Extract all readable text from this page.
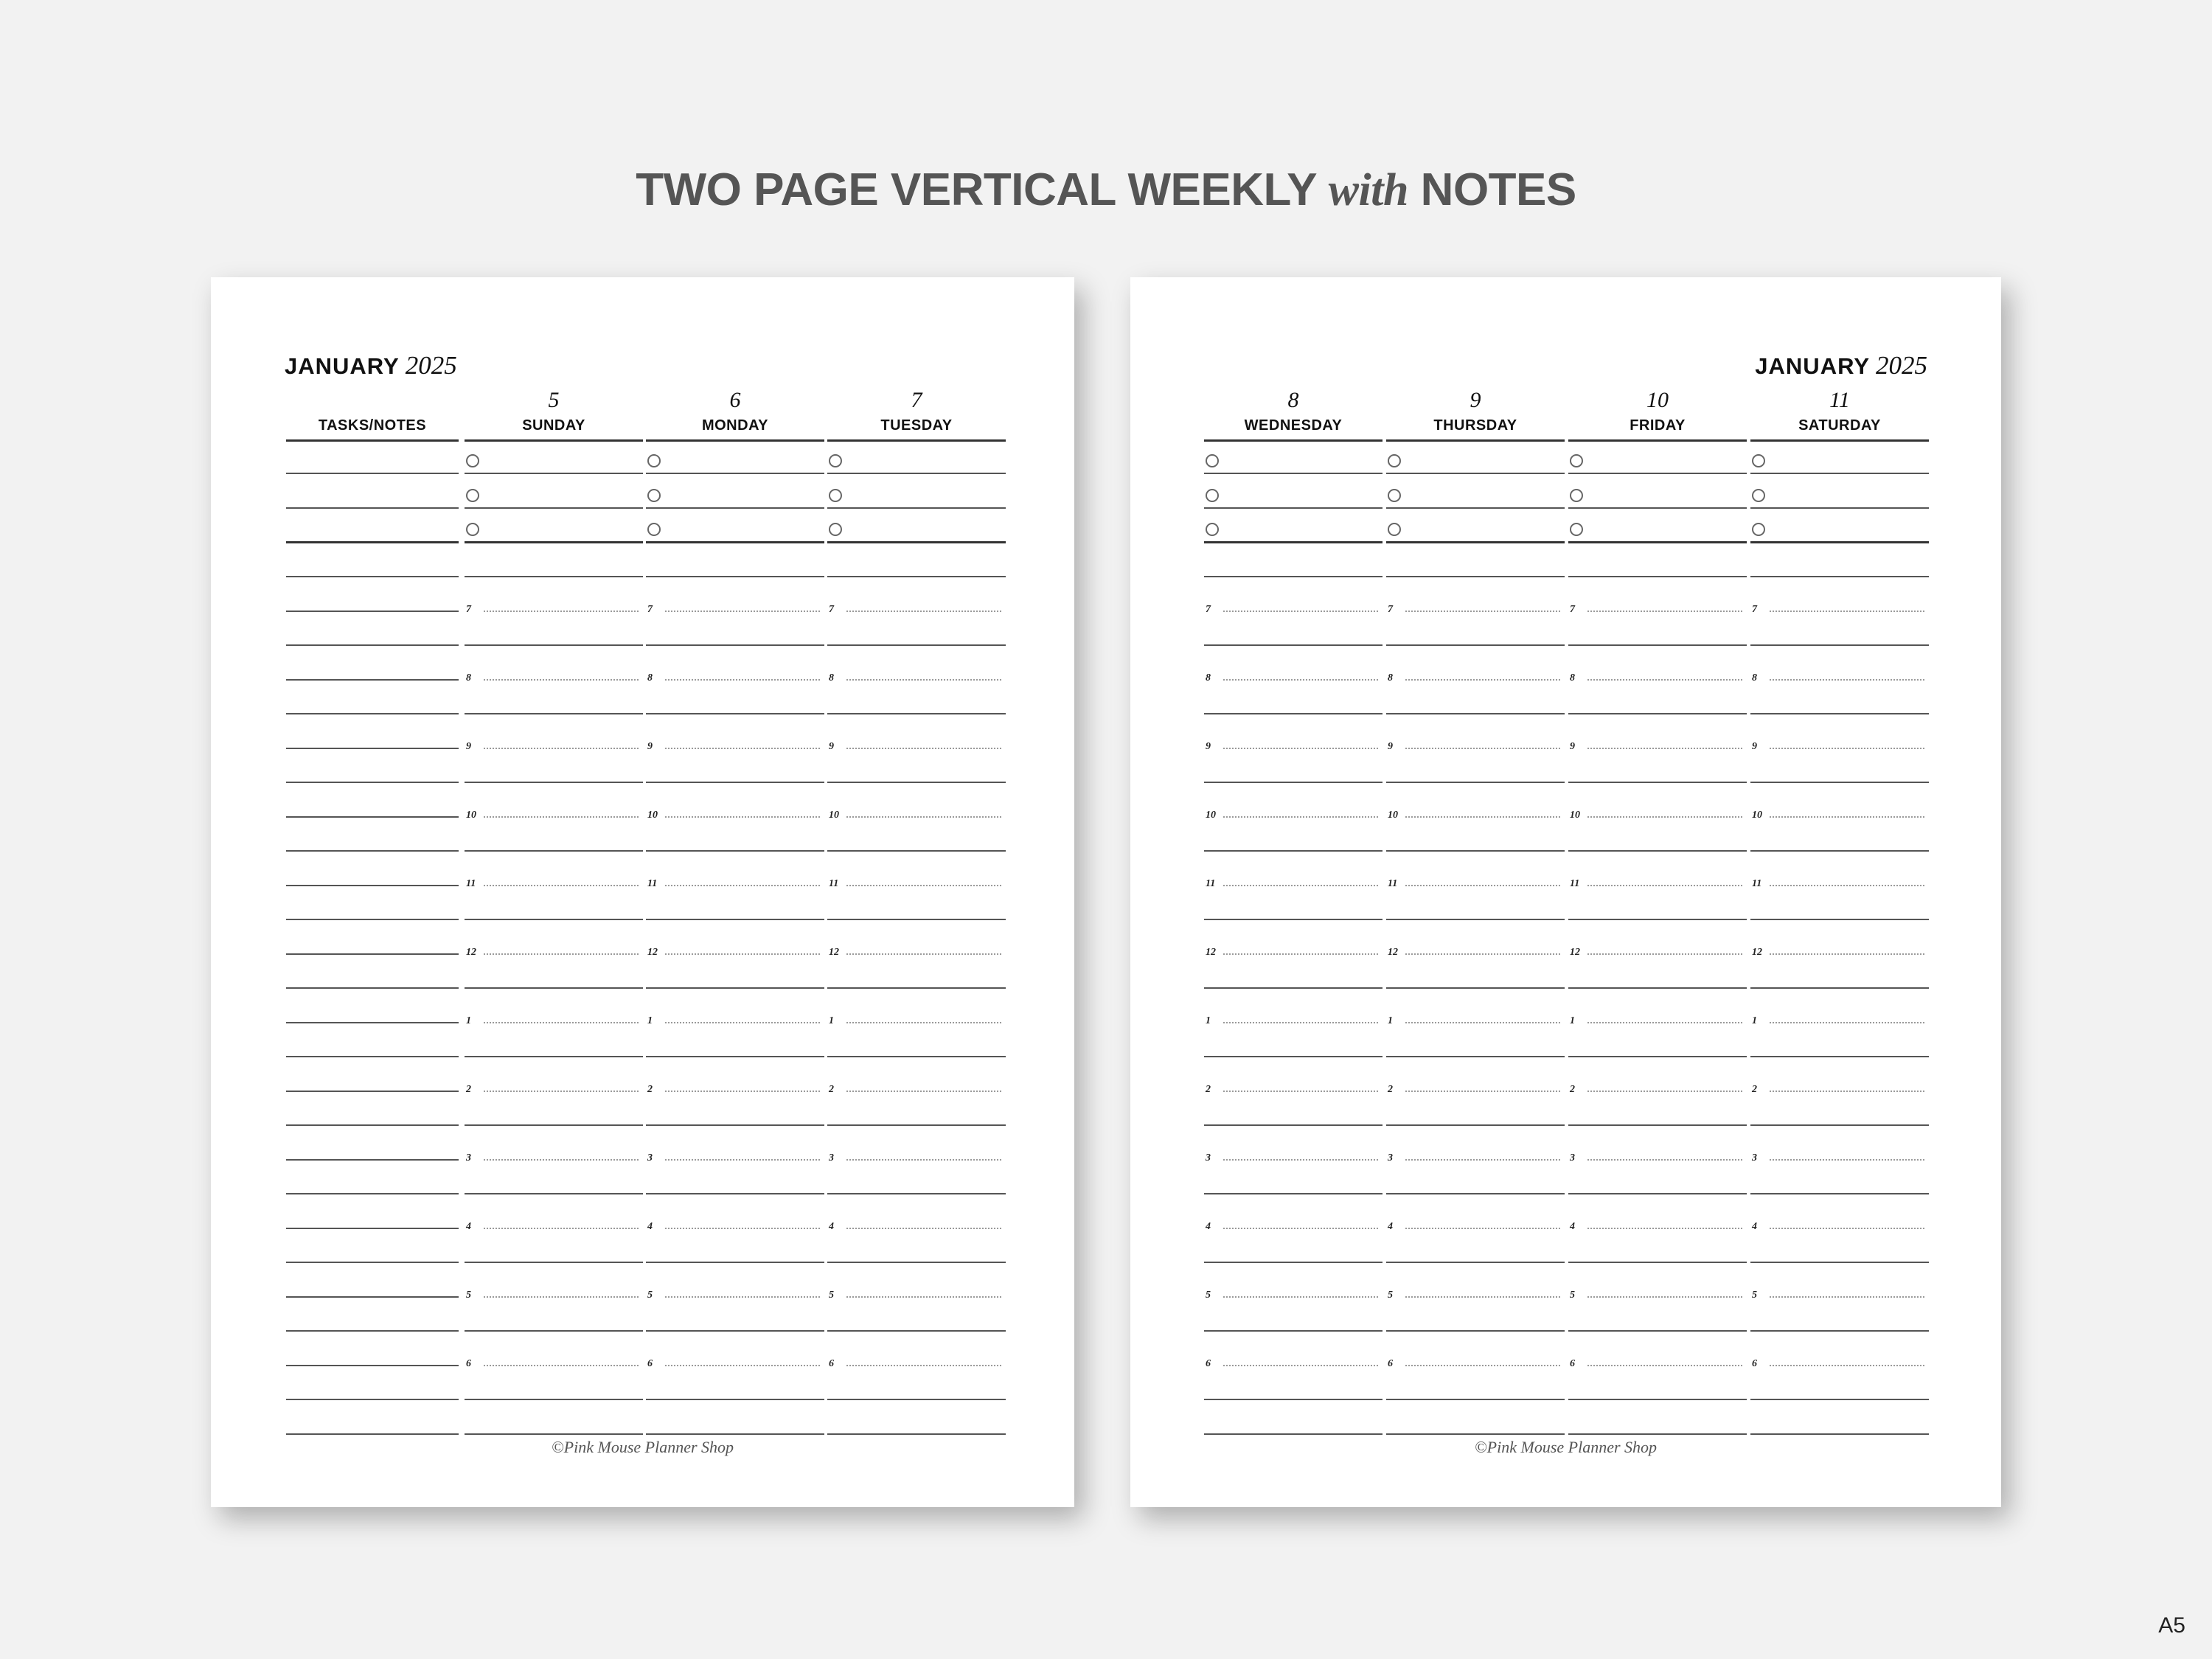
TWO PAGE VERTICAL WEEKLY with NOTES
JANUARY 2025
TASKS/NOTES
5
SUNDAY
7
8
9
10
11
12
1
2
3
4
5
6
6
MONDAY
7
8
9
10
11
12
1
2
3
4
5
6
7
TUESDAY
7
8
9
10
11
12
1
2
3
4
5
6
©Pink Mouse Planner Shop
JANUARY 2025
8
WEDNESDAY
7
8
9
10
11
12
1
2
3
4
5
6
9
THURSDAY
7
8
9
10
11
12
1
2
3
4
5
6
10
FRIDAY
7
8
9
10
11
12
1
2
3
4
5
6
11
SATURDAY
7
8
9
10
11
12
1
2
3
4
5
6
©Pink Mouse Planner Shop
A5
